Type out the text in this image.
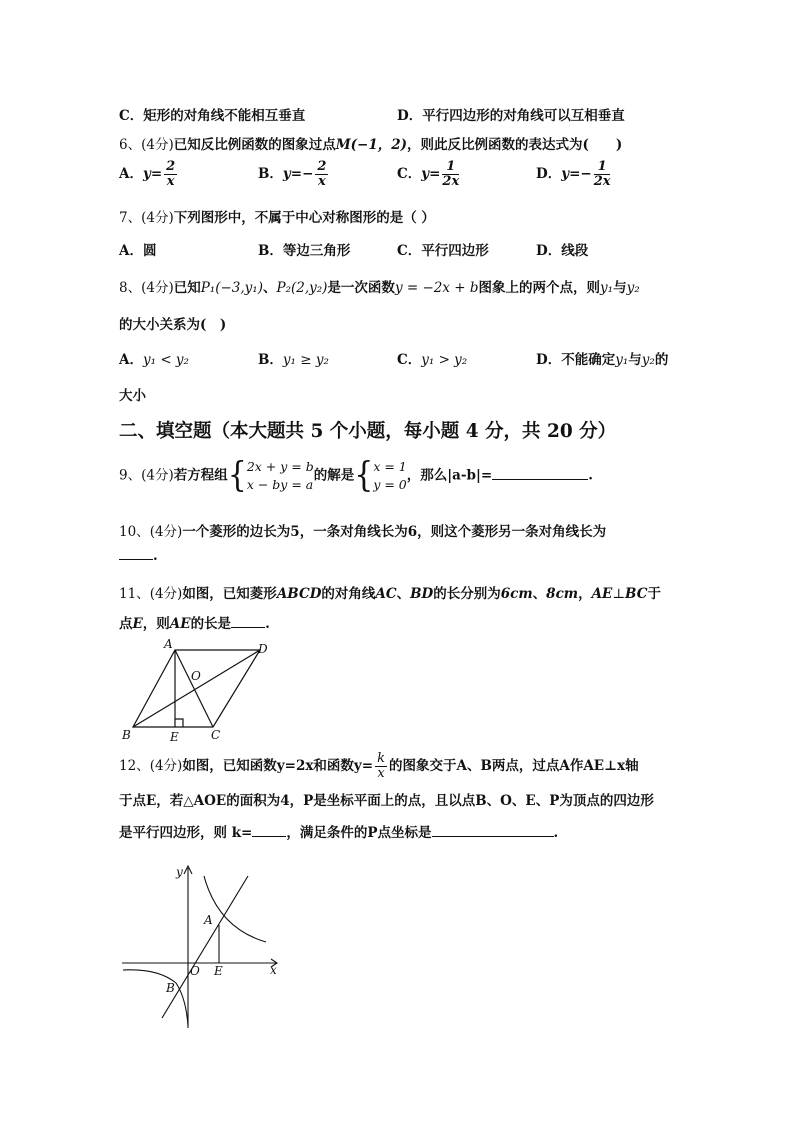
C．矩形的对角线不能相互垂直	D．平行四边形的对角线可以互相垂直
6、(4分)已知反比例函数的图象过点M(−1，2)，则此反比例函数的表达式为(　　)
A．$y= \frac{2}{x}$	B．$y=- \frac{2}{x}$	C．$y= \frac{1}{2x}$	D．$y=- \frac{1}{2x}$
7、(4分)下列图形中，不属于中心对称图形的是（ ）
A．圆	B．等边三角形	C．平行四边形	D．线段
8、(4分)已知P₁(−3,y₁)、P₂(2,y₂)是一次函数y = −2x + b图象上的两个点，则y₁与y₂
的大小关系为(　)
A．y₁ < y₂	B．y₁ ≥ y₂	C．y₁ > y₂	D．不能确定y₁与y₂的
大小
二、填空题（本大题共 5 个小题，每小题 4 分，共 20 分）
9、(4分)若方程组{ 2x + y = b
x − by = a
的解是{ x = 1
y = 0
，那么|a-b|=	.
10、(4分)一个菱形的边长为5，一条对角线长为6，则这个菱形另一条对角线长为
.
11、(4分)如图，已知菱形ABCD的对角线AC、BD的长分别为6cm、8cm，AE⊥BC于
点E，则AE的长是	.
A	D
O
B	E	C
12、(4分)如图，已知函数y=2x和函数$y= \frac{k}{x}$ 的图象交于A、B两点，过点A作AE⊥x轴
于点E，若△AOE的面积为4，P是坐标平面上的点，且以点B、O、E、P为顶点的四边形
是平行四边形，则 k=	，满足条件的P点坐标是	.
y
x
O E
A
B
